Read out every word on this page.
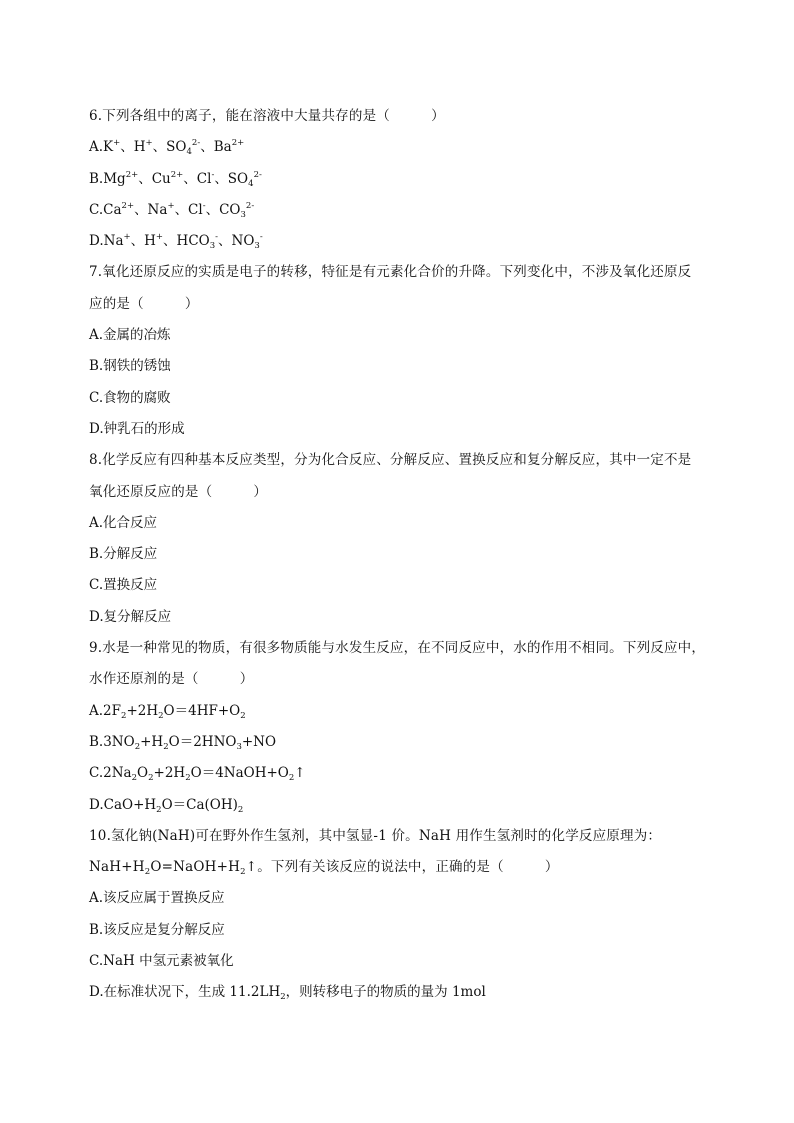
6.下列各组中的离子，能在溶液中大量共存的是（　　　）
A.K+、H+、$SO_4^{2-}$、$Ba^{2+}$
$B.Mg^{2+}$、$Cu^{2+}$、Cl-、$SO_4^{2-}$
$C.Ca^{2+}$、Na+、Cl-、$CO_3^{2-}$
D.Na+、H+、$HCO_3^-$、$NO_3^-$
7.氧化还原反应的实质是电子的转移，特征是有元素化合价的升降。下列变化中，不涉及氧化还原反
应的是（　　　）
A.金属的冶炼
B.钢铁的锈蚀
C.食物的腐败
D.钟乳石的形成
8.化学反应有四种基本反应类型，分为化合反应、分解反应、置换反应和复分解反应，其中一定不是
氧化还原反应的是（　　　）
A.化合反应
B.分解反应
C.置换反应
D.复分解反应
9.水是一种常见的物质，有很多物质能与水发生反应，在不同反应中，水的作用不相同。下列反应中，
水作还原剂的是（　　　）
$A.2F_2+2H_2O=4HF+O_2$
$B.3NO_2+H_2O=2HNO_3+NO$
$C.2Na_2O_2+2H_2O=4NaOH+O_2↑$
$D.CaO+H_2O=Ca(OH)_2$
10.氢化钠(NaH)可在野外作生氢剂，其中氢显-1 价。NaH 用作生氢剂时的化学反应原理为：
$NaH+H_2O=NaOH+H_2↑$。下列有关该反应的说法中，正确的是（　　　）
A.该反应属于置换反应
B.该反应是复分解反应
C.NaH 中氢元素被氧化
D.在标准状况下，生成 $11.2LH_2$，则转移电子的物质的量为 1mol
